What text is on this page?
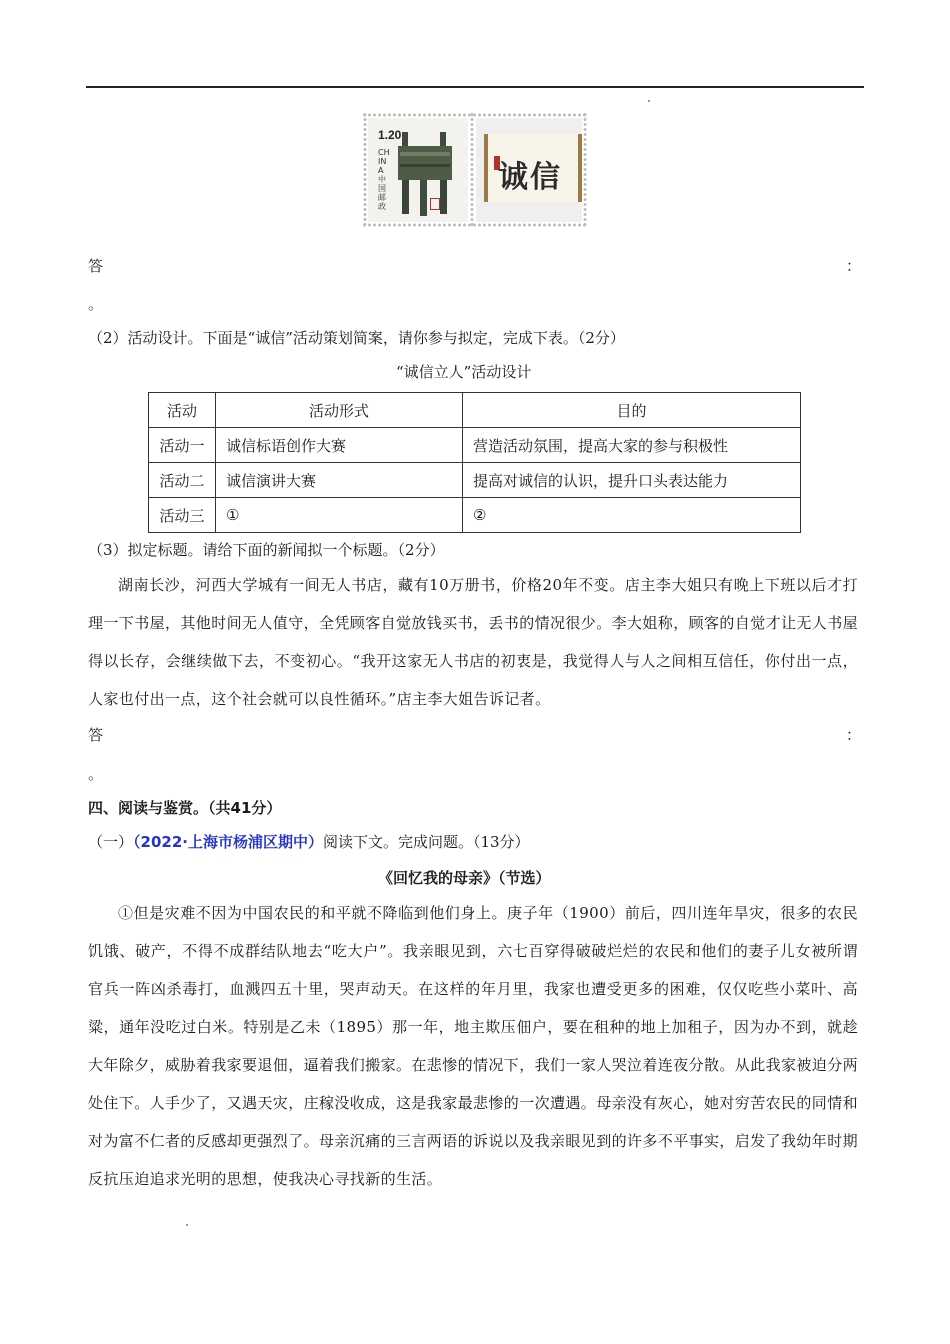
1.20
CHINA 中国邮政
诚信
答	：
。
（2）活动设计。下面是“诚信”活动策划简案，请你参与拟定，完成下表。（2分）
“诚信立人”活动设计
活动	活动形式	目的
活动一	诚信标语创作大赛	营造活动氛围，提高大家的参与积极性
活动二	诚信演讲大赛	提高对诚信的认识，提升口头表达能力
活动三	①	②
（3）拟定标题。请给下面的新闻拟一个标题。（2分）
湖南长沙，河西大学城有一间无人书店，藏有10万册书，价格20年不变。店主李大姐只有晚上下班以后才打理一下书屋，其他时间无人值守，全凭顾客自觉放钱买书，丢书的情况很少。李大姐称，顾客的自觉才让无人书屋得以长存，会继续做下去，不变初心。“我开这家无人书店的初衷是，我觉得人与人之间相互信任，你付出一点，人家也付出一点，这个社会就可以良性循环。”店主李大姐告诉记者。
答	：
。
四、阅读与鉴赏。（共41分）
（一）（2022·上海市杨浦区期中）阅读下文。完成问题。（13分）
《回忆我的母亲》（节选）
①但是灾难不因为中国农民的和平就不降临到他们身上。庚子年（1900）前后，四川连年旱灾，很多的农民饥饿、破产，不得不成群结队地去“吃大户”。我亲眼见到，六七百穿得破破烂烂的农民和他们的妻子儿女被所谓官兵一阵凶杀毒打，血溅四五十里，哭声动天。在这样的年月里，我家也遭受更多的困难，仅仅吃些小菜叶、高粱，通年没吃过白米。特别是乙未（1895）那一年，地主欺压佃户，要在租种的地上加租子，因为办不到，就趁大年除夕，威胁着我家要退佃，逼着我们搬家。在悲惨的情况下，我们一家人哭泣着连夜分散。从此我家被迫分两处住下。人手少了，又遇天灾，庄稼没收成，这是我家最悲惨的一次遭遇。母亲没有灰心，她对穷苦农民的同情和对为富不仁者的反感却更强烈了。母亲沉痛的三言两语的诉说以及我亲眼见到的许多不平事实，启发了我幼年时期反抗压迫追求光明的思想，使我决心寻找新的生活。
